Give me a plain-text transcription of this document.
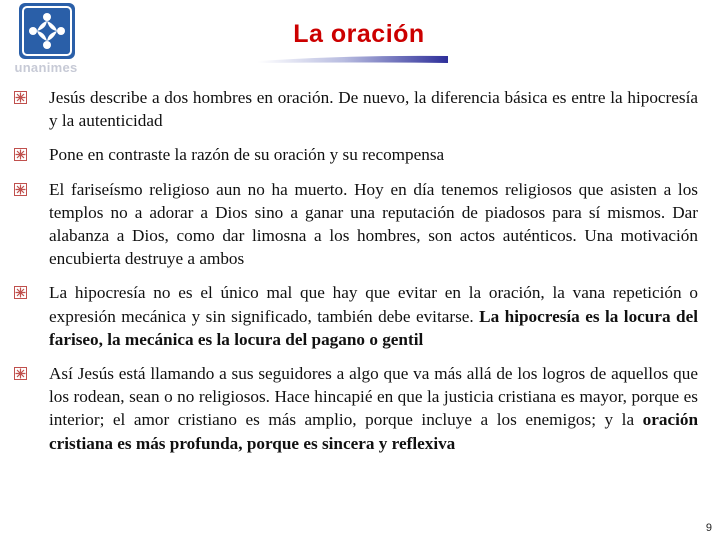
unanimes
La oración
Jesús describe a dos hombres en oración. De nuevo, la diferencia básica es entre la hipocresía y la autenticidad
Pone en contraste la razón de su oración y su recompensa
El fariseísmo religioso aun no ha muerto. Hoy en día tenemos religiosos que asisten a los templos no a adorar a Dios sino a ganar una reputación de piadosos para sí mismos. Dar alabanza a Dios, como dar limosna a los hombres, son actos auténticos. Una motivación encubierta destruye a ambos
La hipocresía no es el único mal que hay que evitar en la oración, la vana repetición o expresión mecánica y sin significado, también debe evitarse. La hipocresía es la locura del fariseo, la mecánica es la locura del pagano o gentil
Así Jesús está llamando a sus seguidores a algo que va más allá de los logros de aquellos que los rodean, sean o no religiosos. Hace hincapié en que la justicia cristiana es mayor, porque es interior; el amor cristiano es más amplio, porque incluye a los enemigos; y la oración cristiana es más profunda, porque es sincera y reflexiva
9
